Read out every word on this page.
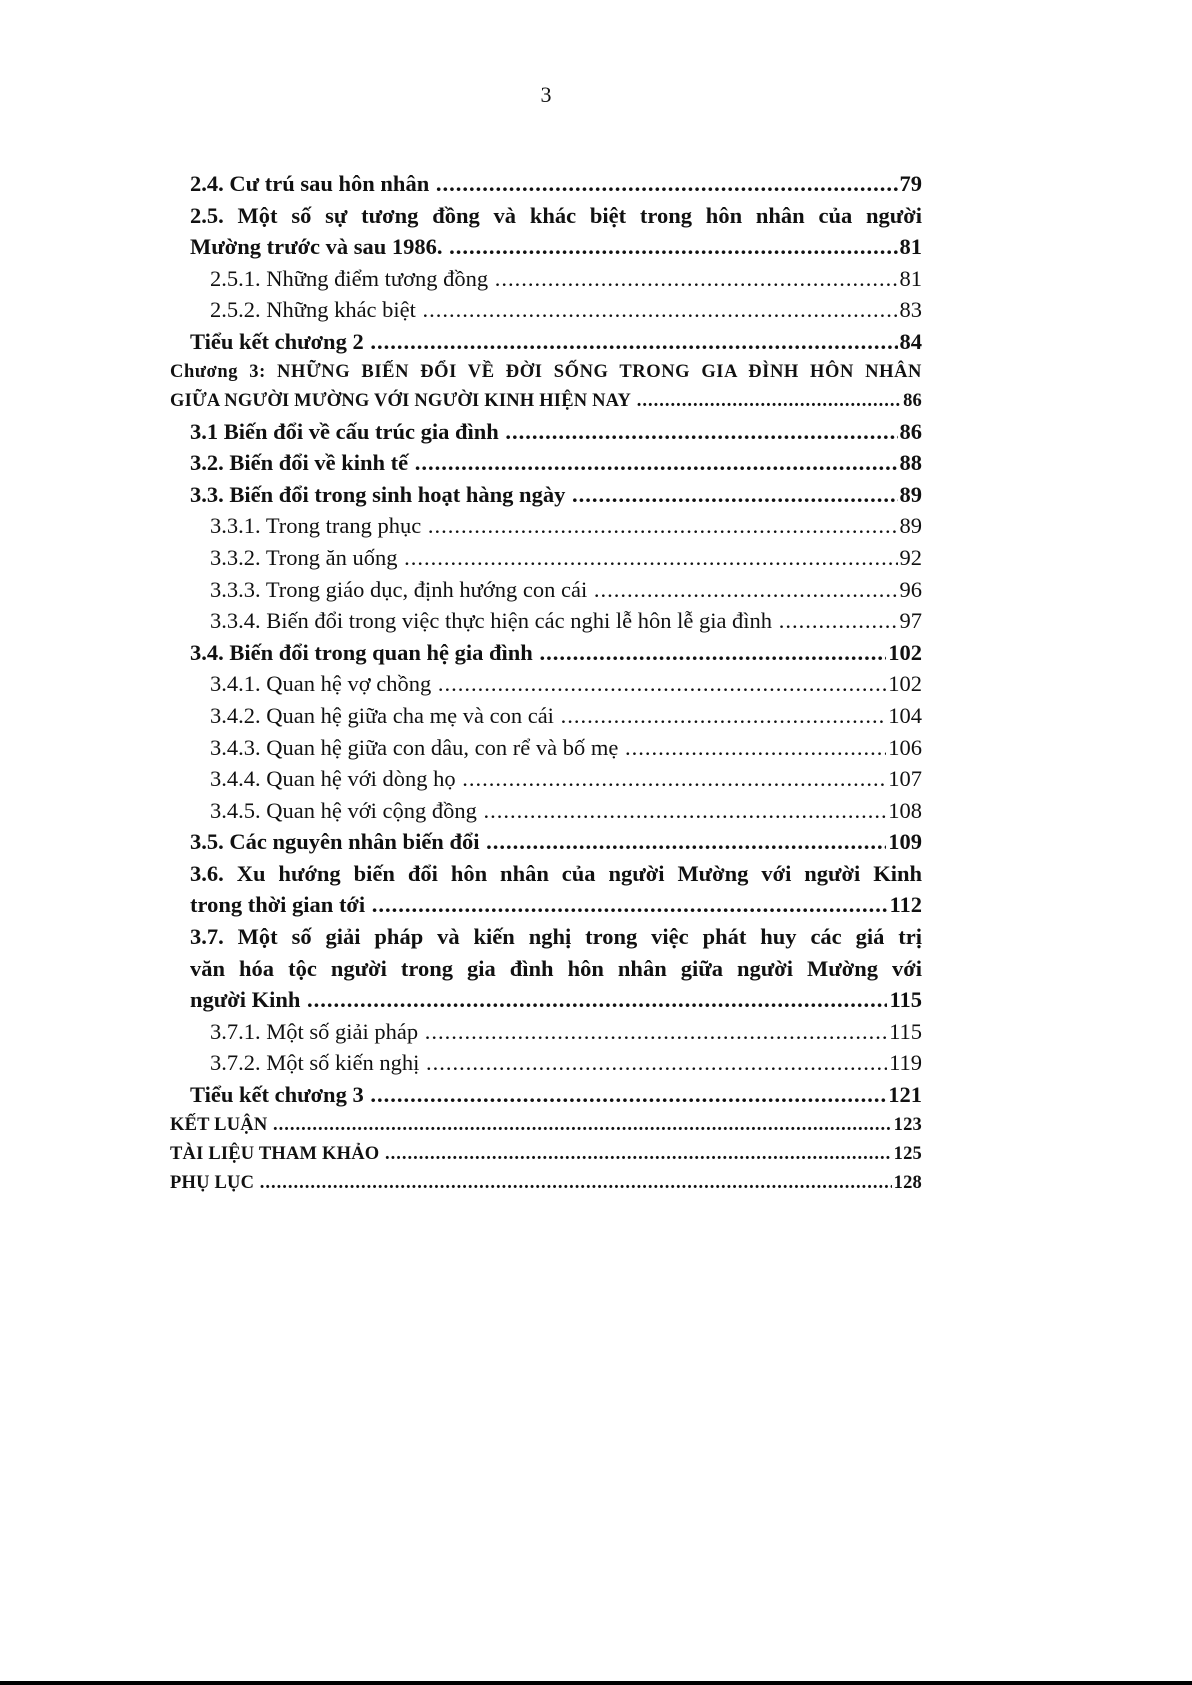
3
2.4. Cư trú sau hôn nhân .....	79
2.5. Một số sự tương đồng và khác biệt trong hôn nhân của người
Mường trước và sau 1986. .....	81
2.5.1. Những điểm tương đồng .....	81
2.5.2. Những khác biệt .....	83
Tiểu kết chương 2 .....	84
Chương 3: NHỮNG BIẾN ĐỔI VỀ ĐỜI SỐNG TRONG GIA ĐÌNH HÔN NHÂN
GIỮA NGƯỜI MƯỜNG VỚI NGƯỜI KINH HIỆN NAY .....	86
3.1 Biến đổi về cấu trúc gia đình .....	86
3.2. Biến đổi về kinh tế .....	88
3.3. Biến đổi trong sinh hoạt hàng ngày .....	89
3.3.1. Trong trang phục .....	89
3.3.2. Trong ăn uống .....	92
3.3.3. Trong giáo dục, định hướng con cái .....	96
3.3.4. Biến đổi trong việc thực hiện các nghi lễ hôn lễ gia đình .....	97
3.4. Biến đổi trong quan hệ gia đình .....	102
3.4.1. Quan hệ vợ chồng .....	102
3.4.2. Quan hệ giữa cha mẹ và con cái .....	104
3.4.3. Quan hệ giữa con dâu, con rể và bố mẹ .....	106
3.4.4. Quan hệ với dòng họ .....	107
3.4.5. Quan hệ với cộng đồng .....	108
3.5. Các nguyên nhân biến đổi .....	109
3.6. Xu hướng biến đổi hôn nhân của người Mường với người Kinh
trong thời gian tới .....	112
3.7. Một số giải pháp và kiến nghị trong việc phát huy các giá trị
văn hóa tộc người trong gia đình hôn nhân giữa người Mường với
người Kinh .....	115
3.7.1. Một số giải pháp .....	115
3.7.2. Một số kiến nghị .....	119
Tiểu kết chương 3 .....	121
KẾT LUẬN .....	123
TÀI LIỆU THAM KHẢO .....	125
PHỤ LỤC .....	128
